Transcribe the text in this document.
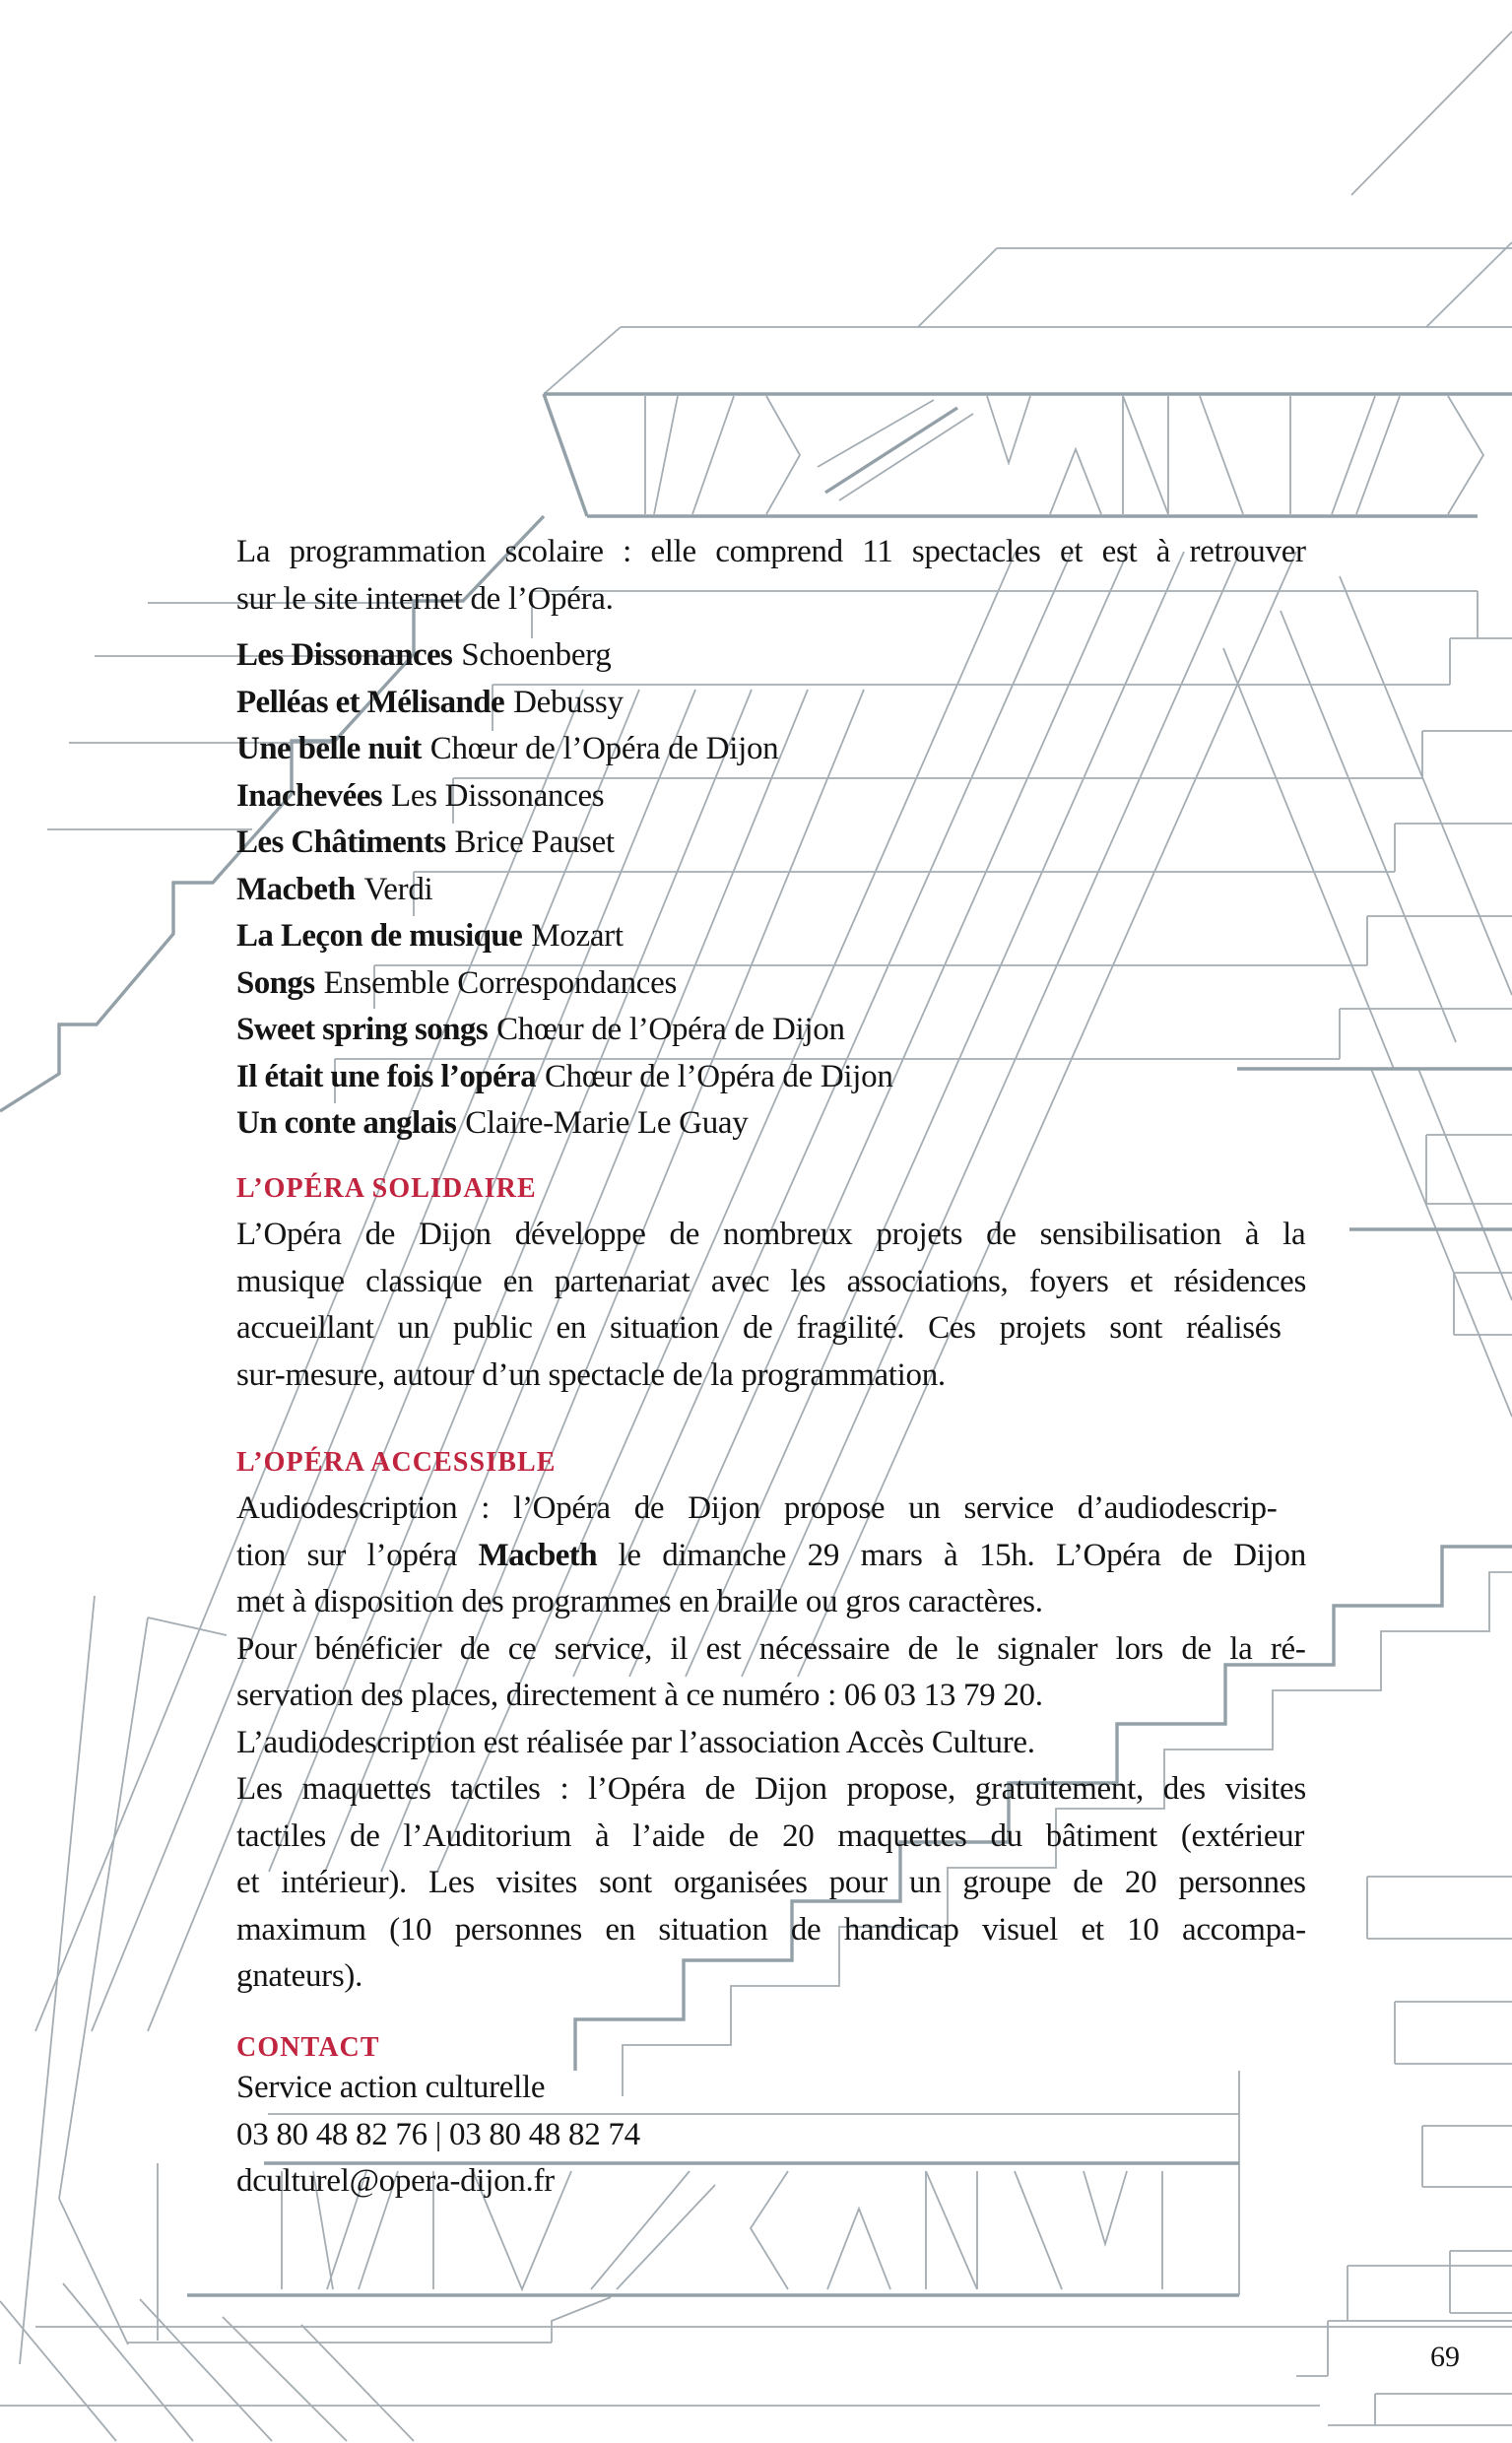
La programmation scolaire : elle comprend 11 spectacles et est à retrouver
sur le site internet de l’Opéra.
Les Dissonances Schoenberg
Pelléas et Mélisande Debussy
Une belle nuit Chœur de l’Opéra de Dijon
Inachevées Les Dissonances
Les Châtiments Brice Pauset
Macbeth Verdi
La Leçon de musique Mozart
Songs Ensemble Correspondances
Sweet spring songs Chœur de l’Opéra de Dijon
Il était une fois l’opéra Chœur de l’Opéra de Dijon
Un conte anglais Claire-Marie Le Guay
L’OPÉRA SOLIDAIRE
L’Opéra de Dijon développe de nombreux projets de sensibilisation à la
musique classique en partenariat avec les associations, foyers et résidences
accueillant un public en situation de fragilité. Ces projets sont réalisés
sur-mesure, autour d’un spectacle de la programmation.
L’OPÉRA ACCESSIBLE
Audiodescription : l’Opéra de Dijon propose un service d’audiodescrip-
tion sur l’opéra Macbeth le dimanche 29 mars à 15h. L’Opéra de Dijon
met à disposition des programmes en braille ou gros caractères.
Pour bénéficier de ce service, il est nécessaire de le signaler lors de la ré-
servation des places, directement à ce numéro : 06 03 13 79 20.
L’audiodescription est réalisée par l’association Accès Culture.
Les maquettes tactiles : l’Opéra de Dijon propose, gratuitement, des visites
tactiles de l’Auditorium à l’aide de 20 maquettes du bâtiment (extérieur
et intérieur). Les visites sont organisées pour un groupe de 20 personnes
maximum (10 personnes en situation de handicap visuel et 10 accompa-
gnateurs).
CONTACT
Service action culturelle
03 80 48 82 76 | 03 80 48 82 74
dculturel@opera-dijon.fr
69
